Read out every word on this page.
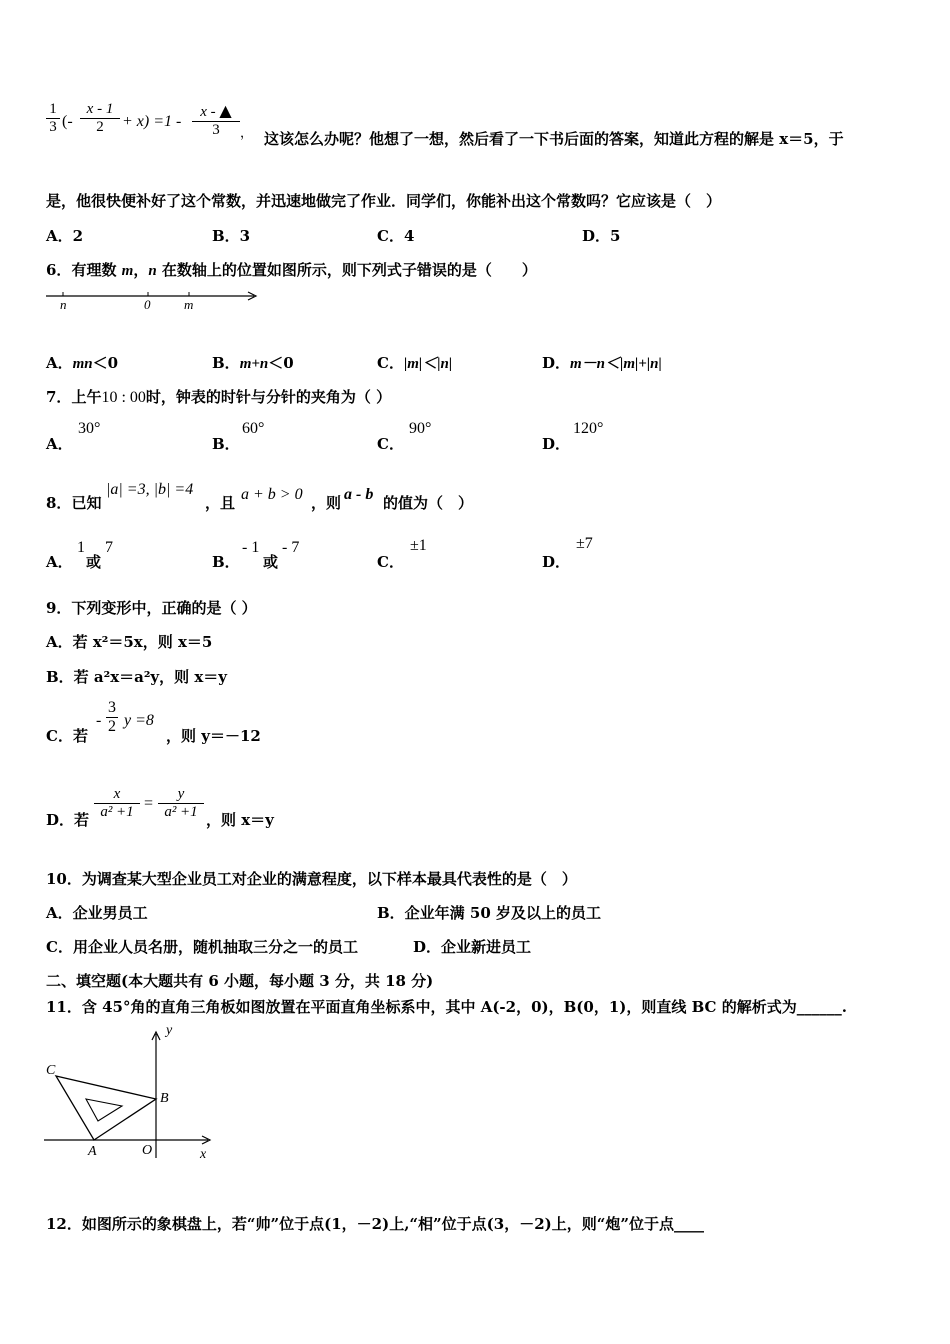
$\frac{1}{3}$ (- $\frac{x - 1}{2} + x) =1 - \frac{x - ▲}{3}$ ， 这该怎么办呢？他想了一想，然后看了一下书后面的答案，知道此方程的解是 x＝5，于
是，他很快便补好了这个常数，并迅速地做完了作业．同学们，你能补出这个常数吗？它应该是（　）
A．2	B．3	C．4	D．5
6．有理数 m，n 在数轴上的位置如图所示，则下列式子错误的是（　　）
n	0	m
A．mn＜0	B．m+n＜0	C．|m|＜|n|	D．m－n＜|m|+|n|
7．上午10 : 00时，钟表的时针与分针的夹角为（ ）
A．
30°
B．
60°
C．
90°
D．
120°
8．已知
|a| =3, |b| =4
，且 a + b > 0 ，则 a - b 的值为（　）
A．
1
或
7
B．
- 1
或
- 7
C．
±1
D．
±7
9．下列变形中，正确的是（ ）
A．若 x²＝5x，则 x＝5
B．若 a²x＝a²y，则 x＝y
C．若
- $\frac{3}{2}$ y =8
，则 y＝－12
D．若 $\frac{x}{\text{a² +1}} = \frac{y}{\text{a² +1}}$ ，则 x＝y
10．为调查某大型企业员工对企业的满意程度，以下样本最具代表性的是（　）
A．企业男员工	B．企业年满 50 岁及以上的员工
C．用企业人员名册，随机抽取三分之一的员工	D．企业新进员工
二、填空题(本大题共有 6 小题，每小题 3 分，共 18 分)
11．含 45°角的直角三角板如图放置在平面直角坐标系中，其中 A(-2，0)，B(0，1)，则直线 BC 的解析式为______.
C
B
A	O	x
y
12．如图所示的象棋盘上，若“帅”位于点(1，－2)上,“相”位于点(3，－2)上，则“炮”位于点____
